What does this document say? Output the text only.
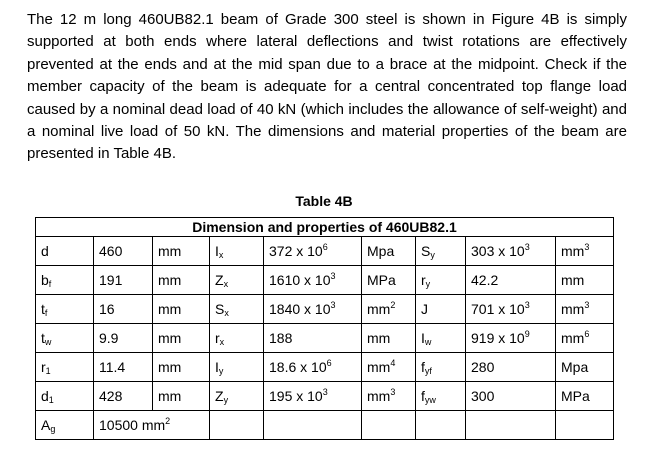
The 12 m long 460UB82.1 beam of Grade 300 steel is shown in Figure 4B is simply supported at both ends where lateral deflections and twist rotations are effectively prevented at the ends and at the mid span due to a brace at the midpoint. Check if the member capacity of the beam is adequate for a central concentrated top flange load caused by a nominal dead load of 40 kN (which includes the allowance of self-weight) and a nominal live load of 50 kN. The dimensions and material properties of the beam are presented in Table 4B.
Table 4B
Dimension and properties of 460UB82.1								
d	460	mm	$I_x$	372 x $10^6$	Mpa	$S_y$	303 x $10^3$	$mm^3$
$b_f$	191	mm	$Z_x$	1610 x $10^3$	MPa	$r_y$	42.2	mm
$t_f$	16	mm	$S_x$	1840 x $10^3$	$mm^2$	J	701 x $10^3$	$mm^3$
$t_w$	9.9	mm	$r_x$	188	mm	$I_w$	919 x $10^9$	$mm^6$
$r_1$	11.4	mm	$I_y$	18.6 x $10^6$	$mm^4$	$f_{yf}$	280	Mpa
$d_1$	428	mm	$Z_y$	195 x $10^3$	$mm^3$	$f_{yw}$	300	MPa
$A_g$	10500 $mm^2$						
